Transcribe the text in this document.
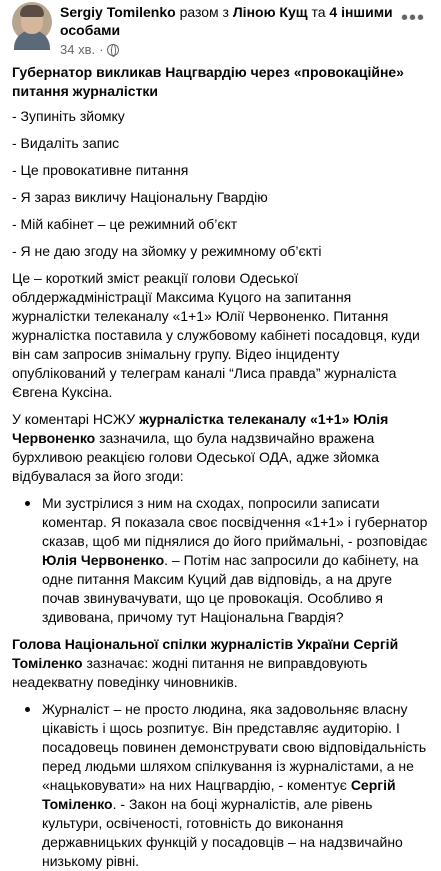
Sergiy Tomilenko разом з Ліною Кущ та 4 іншими особами
34 хв. ·
•••
Губернатор викликав Нацгвардію через «провокаційне» питання журналістки

- Зупиніть зйомку

- Видаліть запис

- Це провокативне питання

- Я зараз викличу Національну Гвардію

- Мій кабінет – це режимний об’єкт

- Я не даю згоду на зйомку у режимному об’єкті

Це – короткий зміст реакції голови Одеської облдержадміністрації Максима Куцого на запитання журналістки телеканалу «1+1» Юлії Червоненко. Питання журналістка поставила у службовому кабінеті посадовця, куди він сам запросив знімальну групу. Відео інциденту опублікований у телеграм каналі “Лиса правда” журналіста Євгена Куксіна.
У коментарі НСЖУ журналістка телеканалу «1+1» Юлія Червоненко зазначила, що була надзвичайно вражена бурхливою реакцією голови Одеської ОДА, адже зйомка відбувалася за його згоди:
Ми зустрілися з ним на сходах, попросили записати коментар. Я показала своє посвідчення «1+1» і губернатор сказав, щоб ми піднялися до його приймальні, - розповідає Юлія Червоненко. – Потім нас запросили до кабінету, на одне питання Максим Куций дав відповідь, а на друге почав звинувачувати, що це провокація. Особливо я здивована, причому тут Національна Гвардія?
Голова Національної спілки журналістів України Сергій Томіленко зазначає: жодні питання не виправдовують неадекватну поведінку чиновників.
Журналіст – не просто людина, яка задовольняє власну цікавість і щось розпитує. Він представляє аудиторію. І посадовець повинен демонструвати свою відповідальність перед людьми шляхом спілкування із журналістами, а не «нацьковувати» на них Нацгвардію, - коментує Сергій Томіленко. - Закон на боці журналістів, але рівень культури, освіченості, готовність до виконання державницьких функцій у посадовців – на надзвичайно низькому рівні.
